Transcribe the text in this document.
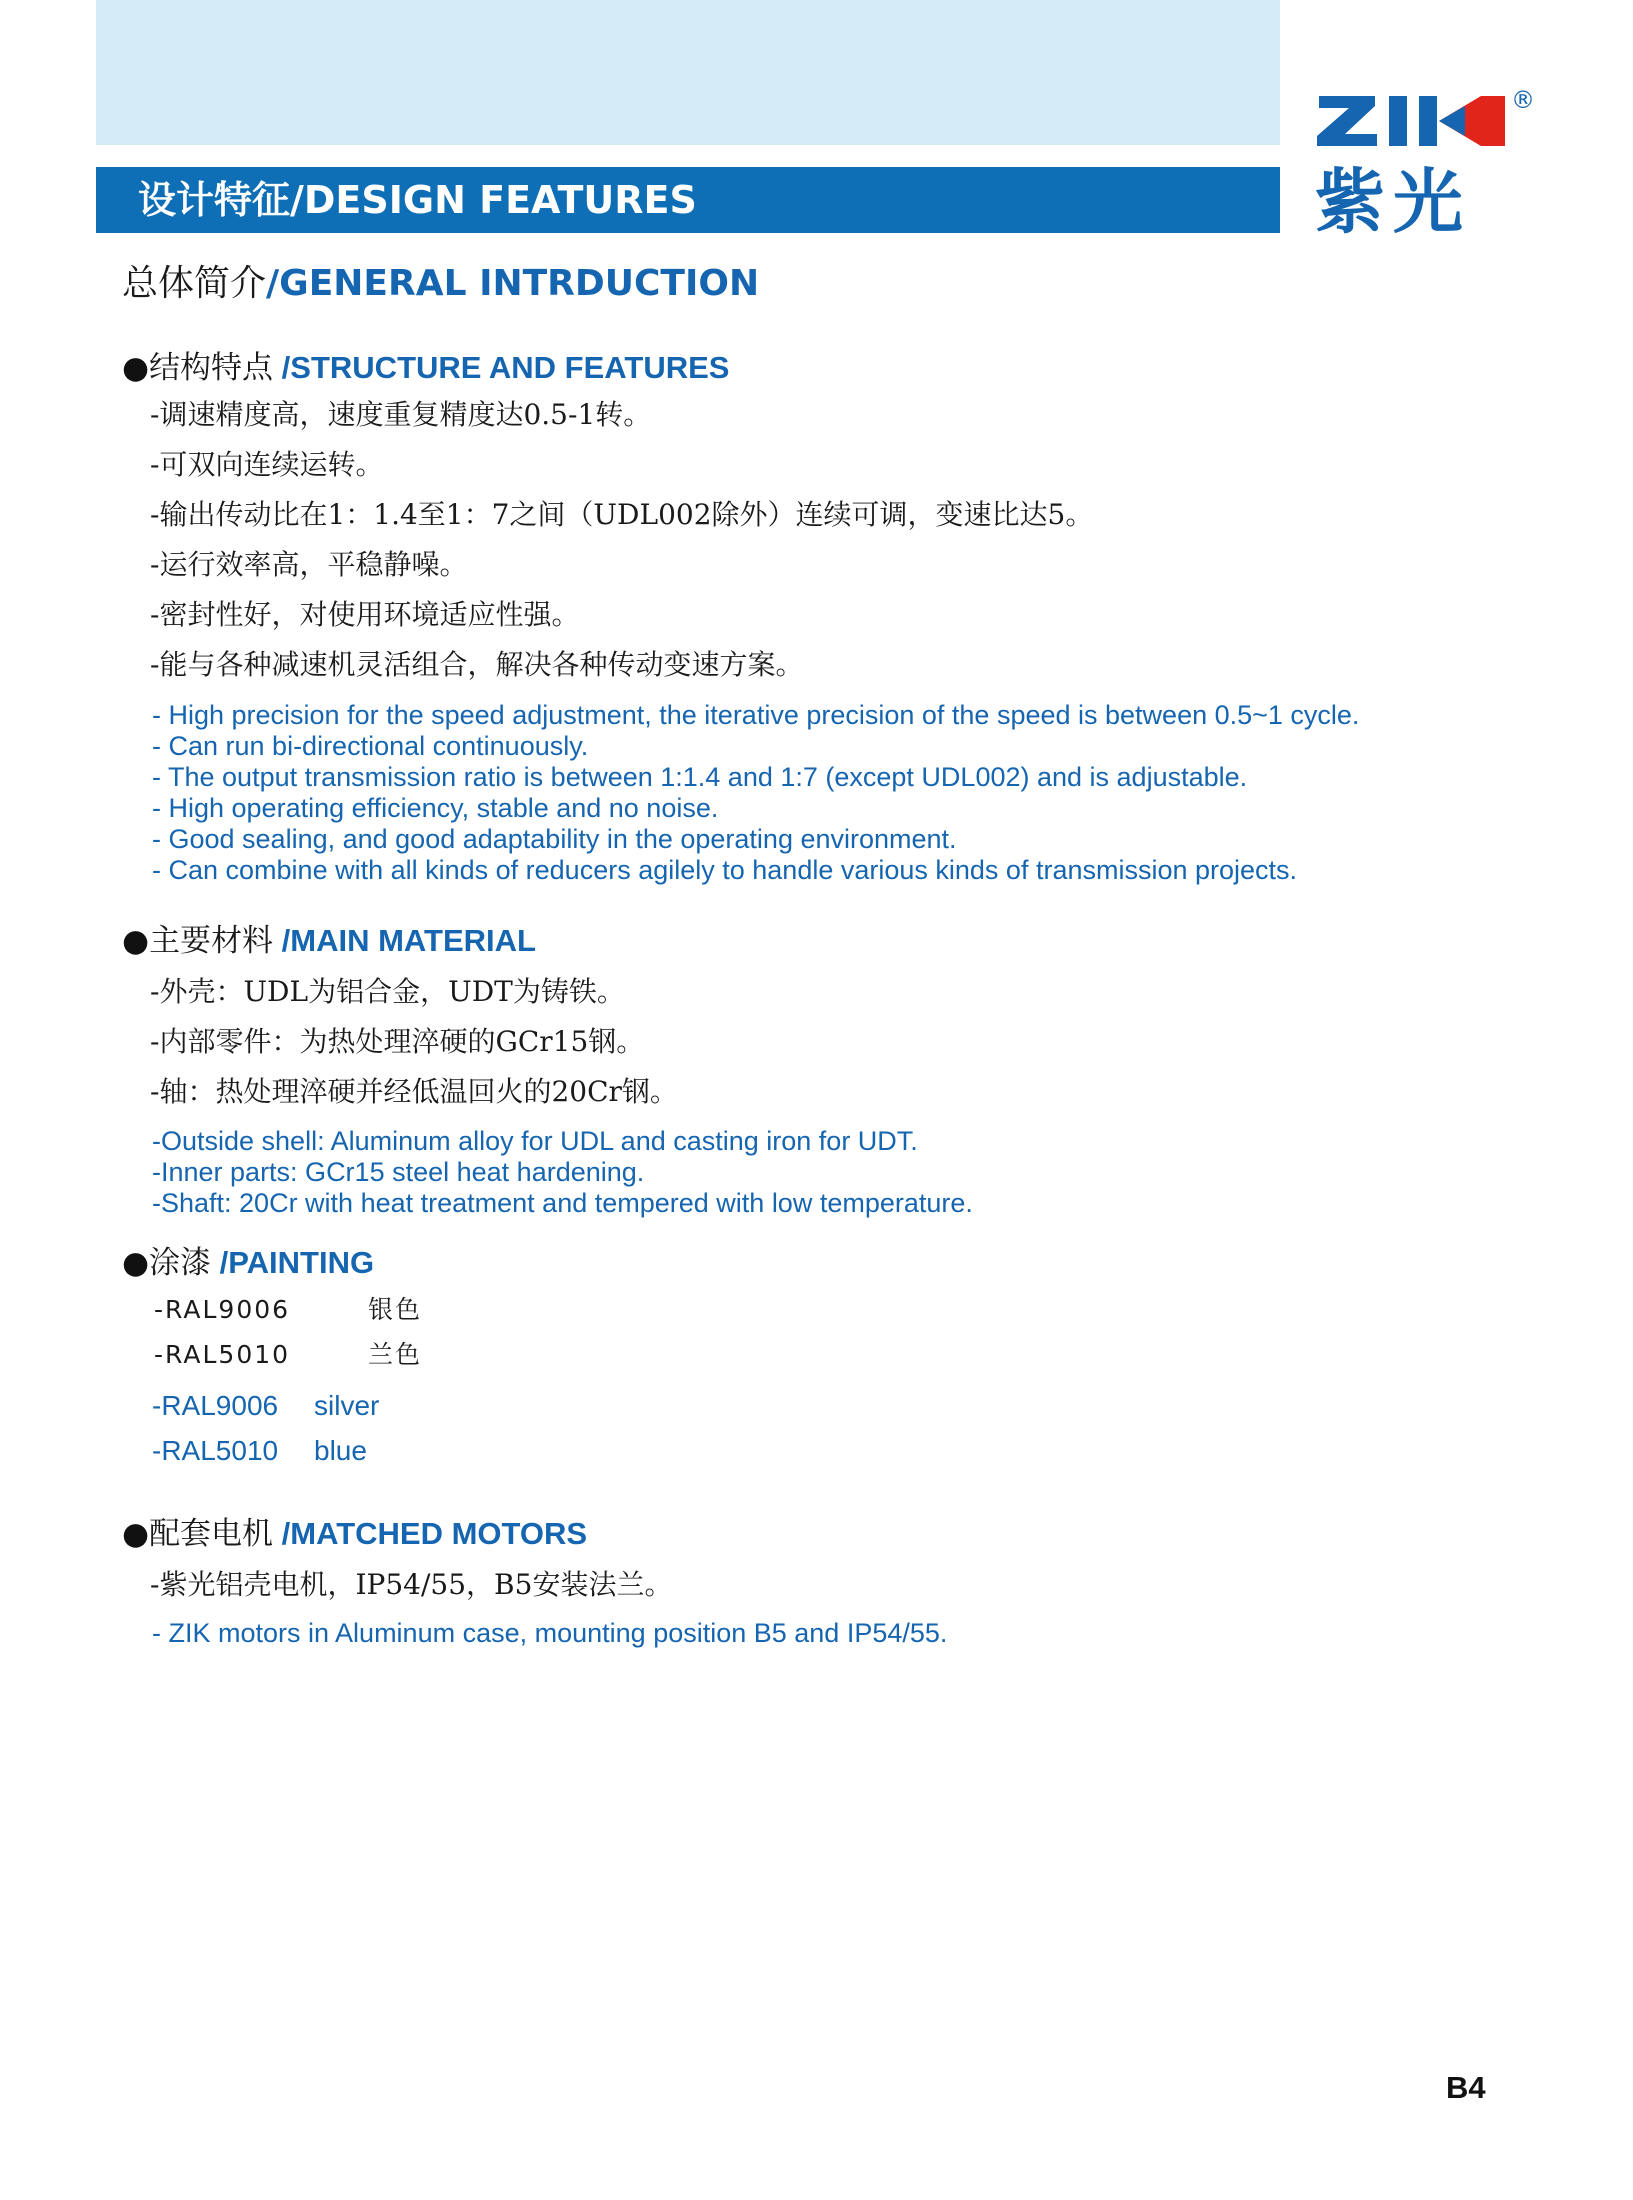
设计特征/DESIGN FEATURES
®
紫光
总体简介/GENERAL INTRDUCTION
●结构特点 /STRUCTURE AND FEATURES
-调速精度高，速度重复精度达0.5-1转。
-可双向连续运转。
-输出传动比在1：1.4至1：7之间（UDL002除外）连续可调，变速比达5。
-运行效率高，平稳静噪。
-密封性好，对使用环境适应性强。
-能与各种减速机灵活组合，解决各种传动变速方案。
- High precision for the speed adjustment, the iterative precision of the speed is between 0.5~1 cycle.
- Can run bi-directional continuously.
- The output transmission ratio is between 1:1.4 and 1:7 (except UDL002) and is adjustable.
- High operating efficiency, stable and no noise.
- Good sealing, and good adaptability in the operating environment.
- Can combine with all kinds of reducers agilely to handle various kinds of transmission projects.
●主要材料 /MAIN MATERIAL
-外壳：UDL为铝合金，UDT为铸铁。
-内部零件：为热处理淬硬的GCr15钢。
-轴：热处理淬硬并经低温回火的20Cr钢。
-Outside shell: Aluminum alloy for UDL and casting iron for UDT.
-Inner parts: GCr15 steel heat hardening.
-Shaft: 20Cr with heat treatment and tempered with low temperature.
●涂漆 /PAINTING
-RAL9006	银色
-RAL5010	兰色
-RAL9006 silver
-RAL5010 blue
●配套电机 /MATCHED MOTORS
-紫光铝壳电机，IP54/55，B5安装法兰。
- ZIK motors in Aluminum case, mounting position B5 and IP54/55.
B4
